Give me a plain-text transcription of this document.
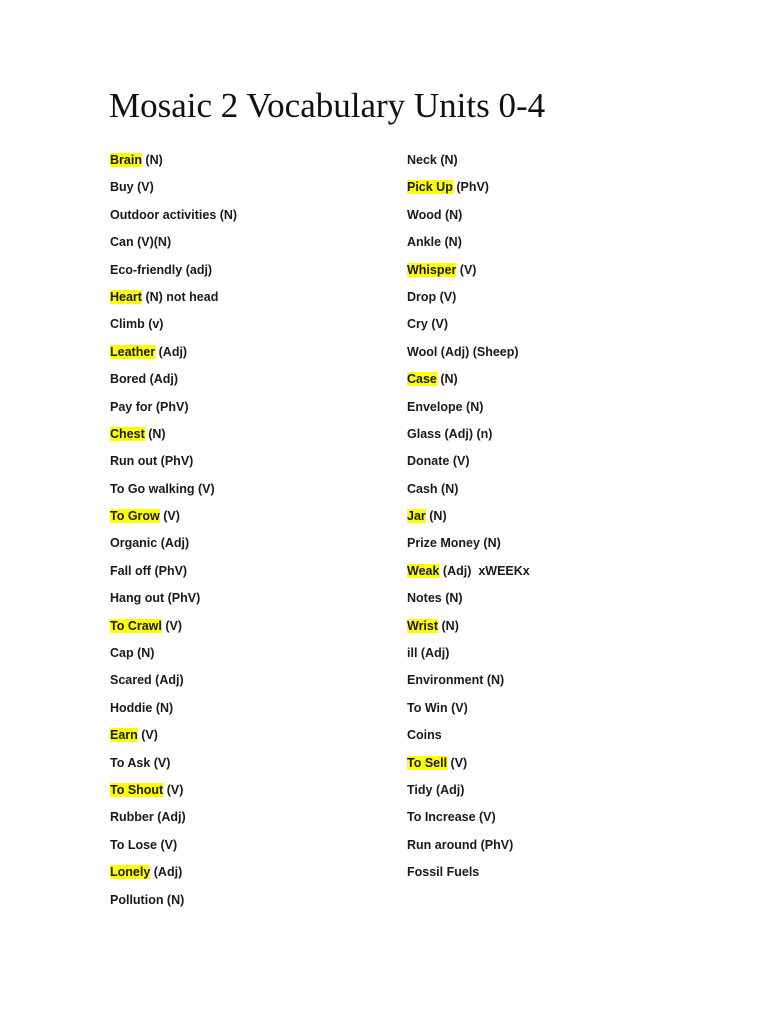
Mosaic 2 Vocabulary Units 0-4
Brain (N)
Buy (V)
Outdoor activities (N)
Can (V)(N)
Eco-friendly (adj)
Heart (N) not head
Climb (v)
Leather (Adj)
Bored (Adj)
Pay for (PhV)
Chest (N)
Run out (PhV)
To Go walking (V)
To Grow (V)
Organic (Adj)
Fall off (PhV)
Hang out (PhV)
To Crawl (V)
Cap (N)
Scared (Adj)
Hoddie (N)
Earn (V)
To Ask (V)
To Shout (V)
Rubber (Adj)
To Lose (V)
Lonely (Adj)
Pollution (N)
Neck (N)
Pick Up (PhV)
Wood (N)
Ankle (N)
Whisper (V)
Drop (V)
Cry (V)
Wool (Adj) (Sheep)
Case (N)
Envelope (N)
Glass (Adj) (n)
Donate (V)
Cash (N)
Jar (N)
Prize Money (N)
Weak (Adj)  xWEEKx
Notes (N)
Wrist (N)
ill (Adj)
Environment (N)
To Win (V)
Coins
To Sell (V)
Tidy (Adj)
To Increase (V)
Run around (PhV)
Fossil Fuels
